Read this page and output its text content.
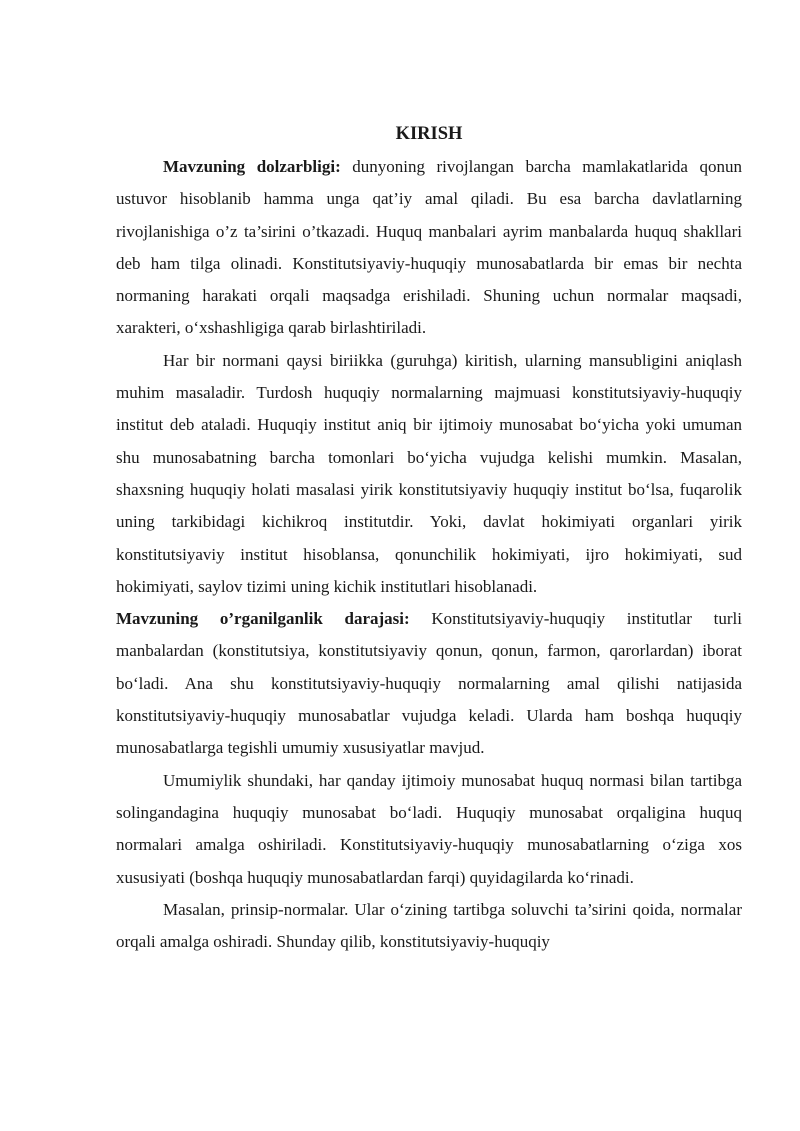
KIRISH

Mavzuning dolzarbligi: dunyoning rivojlangan barcha mamlakatlarida qonun ustuvor hisoblanib hamma unga qat’iy amal qiladi. Bu esa barcha davlatlarning rivojlanishiga o’z ta’sirini o’tkazadi. Huquq manbalari ayrim manbalarda huquq shakllari deb ham tilga olinadi. Konstitutsiyaviy-huquqiy munosabatlarda bir emas bir nechta normaning harakati orqali maqsadga erishiladi. Shuning uchun normalar maqsadi, xarakteri, o‘xshashligiga qarab birlashtiriladi.

Har bir normani qaysi biriikka (guruhga) kiritish, ularning mansubligini aniqlash muhim masaladir. Turdosh huquqiy normalarning majmuasi konstitutsiyaviy-huquqiy institut deb ataladi. Huquqiy institut aniq bir ijtimoiy munosabat bo‘yicha yoki umuman shu munosabatning barcha tomonlari bo‘yicha vujudga kelishi mumkin. Masalan, shaxsning huquqiy holati masalasi yirik konstitutsiyaviy huquqiy institut bo‘lsa, fuqarolik uning tarkibidagi kichikroq institutdir. Yoki, davlat hokimiyati organlari yirik konstitutsiyaviy institut hisoblansa, qonunchilik hokimiyati, ijro hokimiyati, sud hokimiyati, saylov tizimi uning kichik institutlari hisoblanadi.

Mavzuning o’rganilganlik darajasi: Konstitutsiyaviy-huquqiy institutlar turli manbalardan (konstitutsiya, konstitutsiyaviy qonun, qonun, farmon, qarorlardan) iborat bo‘ladi. Ana shu konstitutsiyaviy-huquqiy normalarning amal qilishi natijasida konstitutsiyaviy-huquqiy munosabatlar vujudga keladi. Ularda ham boshqa huquqiy munosabatlarga tegishli umumiy xususiyatlar mavjud.

Umumiylik shundaki, har qanday ijtimoiy munosabat huquq normasi bilan tartibga solingandagina huquqiy munosabat bo‘ladi. Huquqiy munosabat orqaligina huquq normalari amalga oshiriladi. Konstitutsiyaviy-huquqiy munosabatlarning o‘ziga xos xususiyati (boshqa huquqiy munosabatlardan farqi) quyidagilarda ko‘rinadi.

Masalan, prinsip-normalar. Ular o‘zining tartibga soluvchi ta’sirini qoida, normalar orqali amalga oshiradi. Shunday qilib, konstitutsiyaviy-huquqiy
